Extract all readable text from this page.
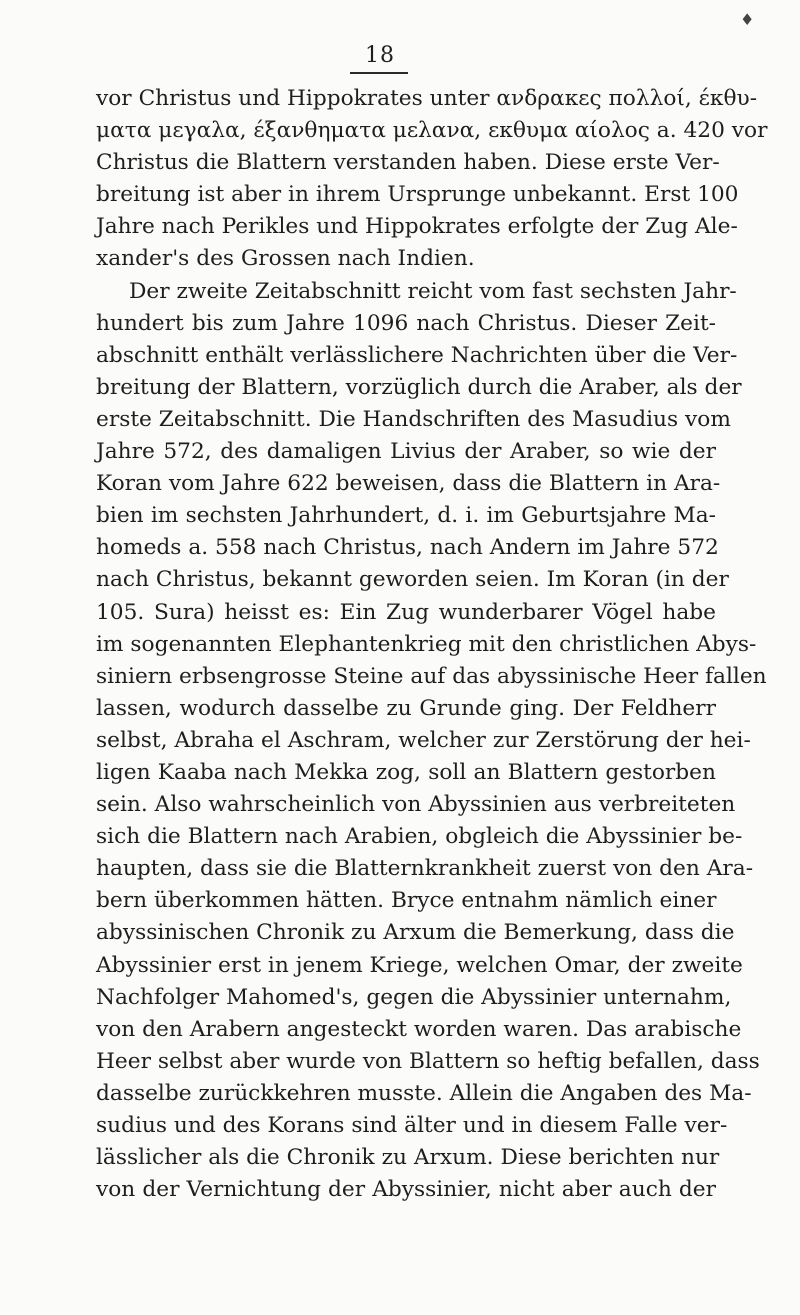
♦
18
vor Christus und Hippokrates unter ανδρακες πολλοί, έκθυ-
ματα μεγαλα, έξανθηματα μελανα, εκθυμα αίολος a. 420 vor
Christus die Blattern verstanden haben. Diese erste Ver-
breitung ist aber in ihrem Ursprunge unbekannt. Erst 100
Jahre nach Perikles und Hippokrates erfolgte der Zug Ale-
xander's des Grossen nach Indien.
Der zweite Zeitabschnitt reicht vom fast sechsten Jahr-
hundert bis zum Jahre 1096 nach Christus. Dieser Zeit-
abschnitt enthält verlässlichere Nachrichten über die Ver-
breitung der Blattern, vorzüglich durch die Araber, als der
erste Zeitabschnitt. Die Handschriften des Masudius vom
Jahre 572, des damaligen Livius der Araber, so wie der
Koran vom Jahre 622 beweisen, dass die Blattern in Ara-
bien im sechsten Jahrhundert, d. i. im Geburtsjahre Ma-
homeds a. 558 nach Christus, nach Andern im Jahre 572
nach Christus, bekannt geworden seien. Im Koran (in der
105. Sura) heisst es: Ein Zug wunderbarer Vögel habe
im sogenannten Elephantenkrieg mit den christlichen Abys-
siniern erbsengrosse Steine auf das abyssinische Heer fallen
lassen, wodurch dasselbe zu Grunde ging. Der Feldherr
selbst, Abraha el Aschram, welcher zur Zerstörung der hei-
ligen Kaaba nach Mekka zog, soll an Blattern gestorben
sein. Also wahrscheinlich von Abyssinien aus verbreiteten
sich die Blattern nach Arabien, obgleich die Abyssinier be-
haupten, dass sie die Blatternkrankheit zuerst von den Ara-
bern überkommen hätten. Bryce entnahm nämlich einer
abyssinischen Chronik zu Arxum die Bemerkung, dass die
Abyssinier erst in jenem Kriege, welchen Omar, der zweite
Nachfolger Mahomed's, gegen die Abyssinier unternahm,
von den Arabern angesteckt worden waren. Das arabische
Heer selbst aber wurde von Blattern so heftig befallen, dass
dasselbe zurückkehren musste. Allein die Angaben des Ma-
sudius und des Korans sind älter und in diesem Falle ver-
lässlicher als die Chronik zu Arxum. Diese berichten nur
von der Vernichtung der Abyssinier, nicht aber auch der
